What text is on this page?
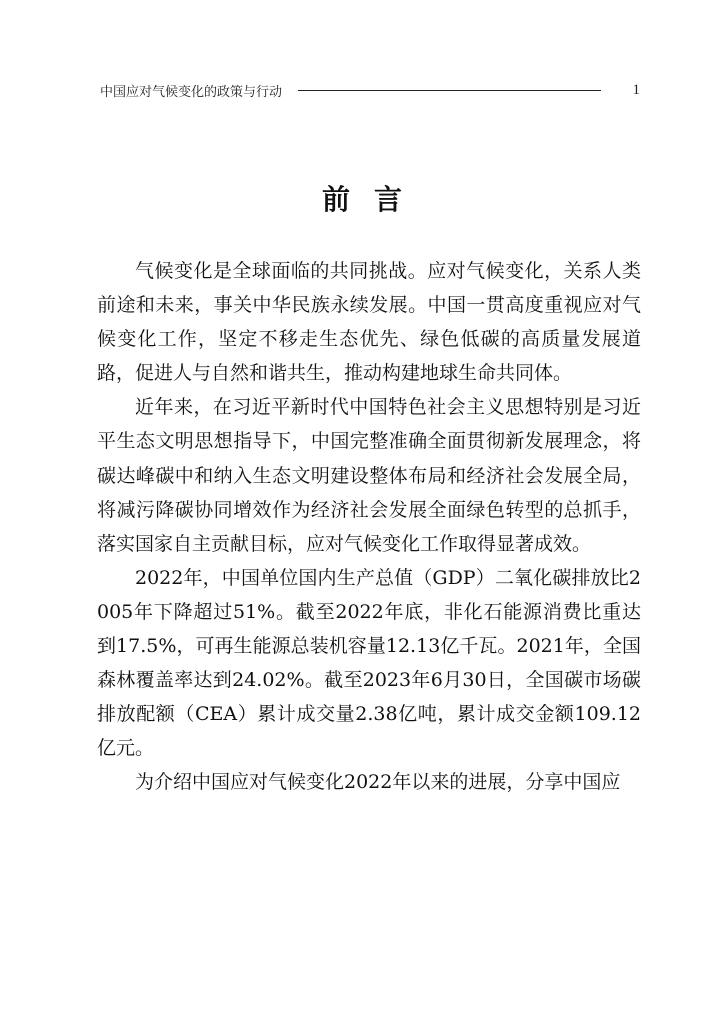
中国应对气候变化的政策与行动	1
前言

气候变化是全球面临的共同挑战。应对气候变化，关系人类前途和未来，事关中华民族永续发展。中国一贯高度重视应对气候变化工作，坚定不移走生态优先、绿色低碳的高质量发展道路，促进人与自然和谐共生，推动构建地球生命共同体。

近年来，在习近平新时代中国特色社会主义思想特别是习近平生态文明思想指导下，中国完整准确全面贯彻新发展理念，将碳达峰碳中和纳入生态文明建设整体布局和经济社会发展全局，将减污降碳协同增效作为经济社会发展全面绿色转型的总抓手，落实国家自主贡献目标，应对气候变化工作取得显著成效。

2022年，中国单位国内生产总值（GDP）二氧化碳排放比2005年下降超过51%。截至2022年底，非化石能源消费比重达到17.5%，可再生能源总装机容量12.13亿千瓦。2021年，全国森林覆盖率达到24.02%。截至2023年6月30日，全国碳市场碳排放配额（CEA）累计成交量2.38亿吨，累计成交金额109.12亿元。

为介绍中国应对气候变化2022年以来的进展，分享中国应
